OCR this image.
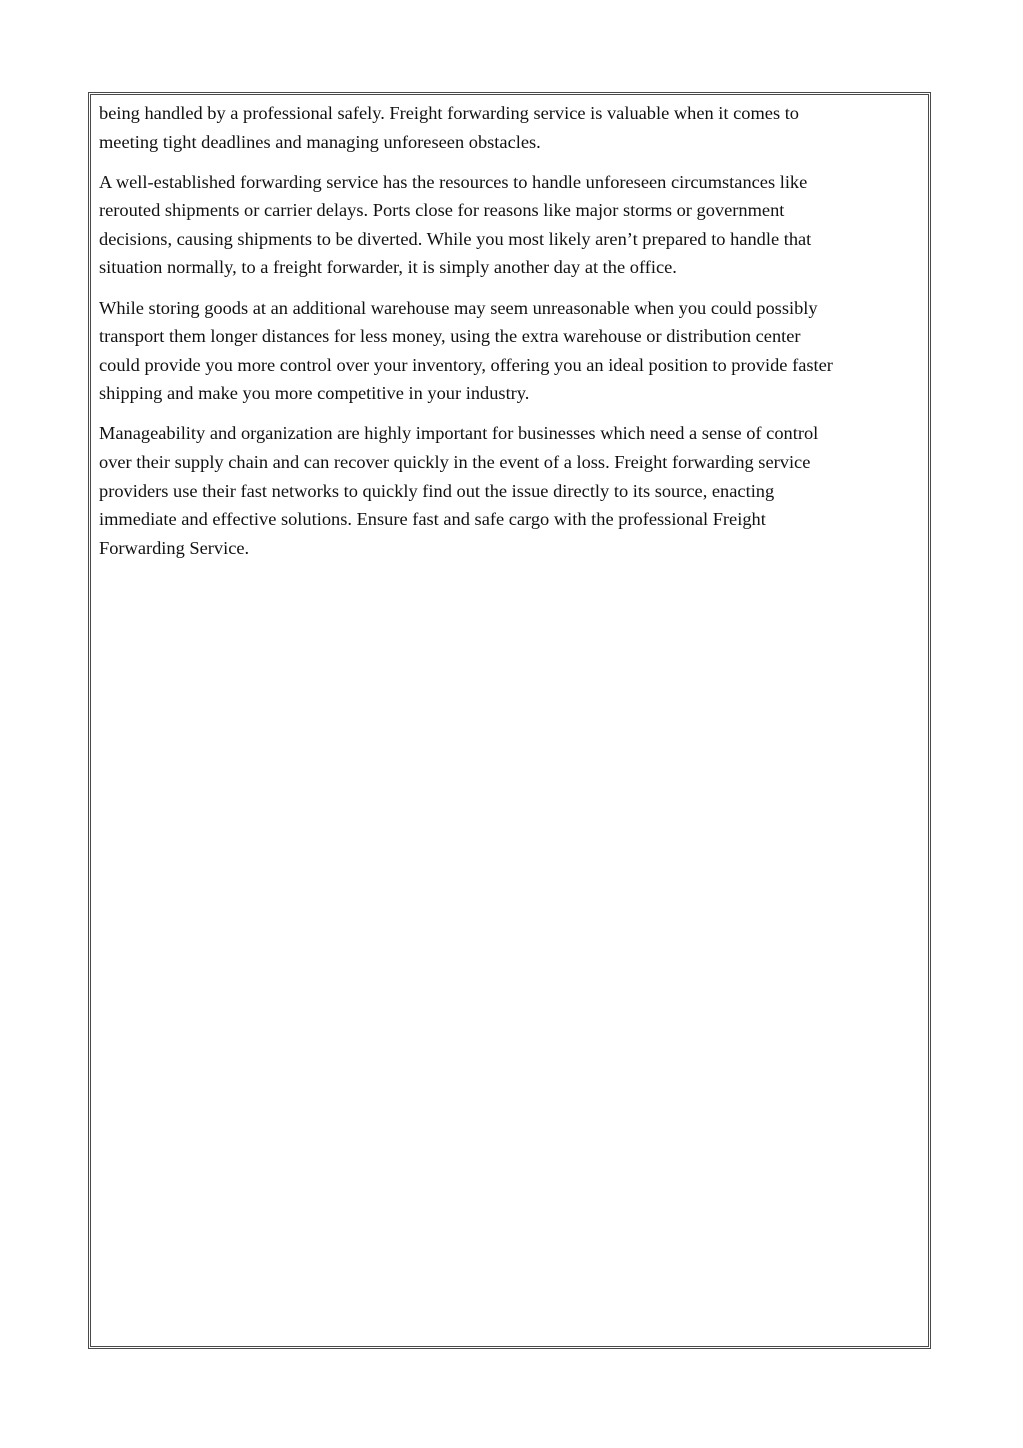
being handled by a professional safely. Freight forwarding service is valuable when it comes to
meeting tight deadlines and managing unforeseen obstacles.

A well-established forwarding service has the resources to handle unforeseen circumstances like
rerouted shipments or carrier delays. Ports close for reasons like major storms or government
decisions, causing shipments to be diverted. While you most likely aren’t prepared to handle that
situation normally, to a freight forwarder, it is simply another day at the office.

While storing goods at an additional warehouse may seem unreasonable when you could possibly
transport them longer distances for less money, using the extra warehouse or distribution center
could provide you more control over your inventory, offering you an ideal position to provide faster
shipping and make you more competitive in your industry.

Manageability and organization are highly important for businesses which need a sense of control
over their supply chain and can recover quickly in the event of a loss. Freight forwarding service
providers use their fast networks to quickly find out the issue directly to its source, enacting
immediate and effective solutions. Ensure fast and safe cargo with the professional Freight
Forwarding Service.
